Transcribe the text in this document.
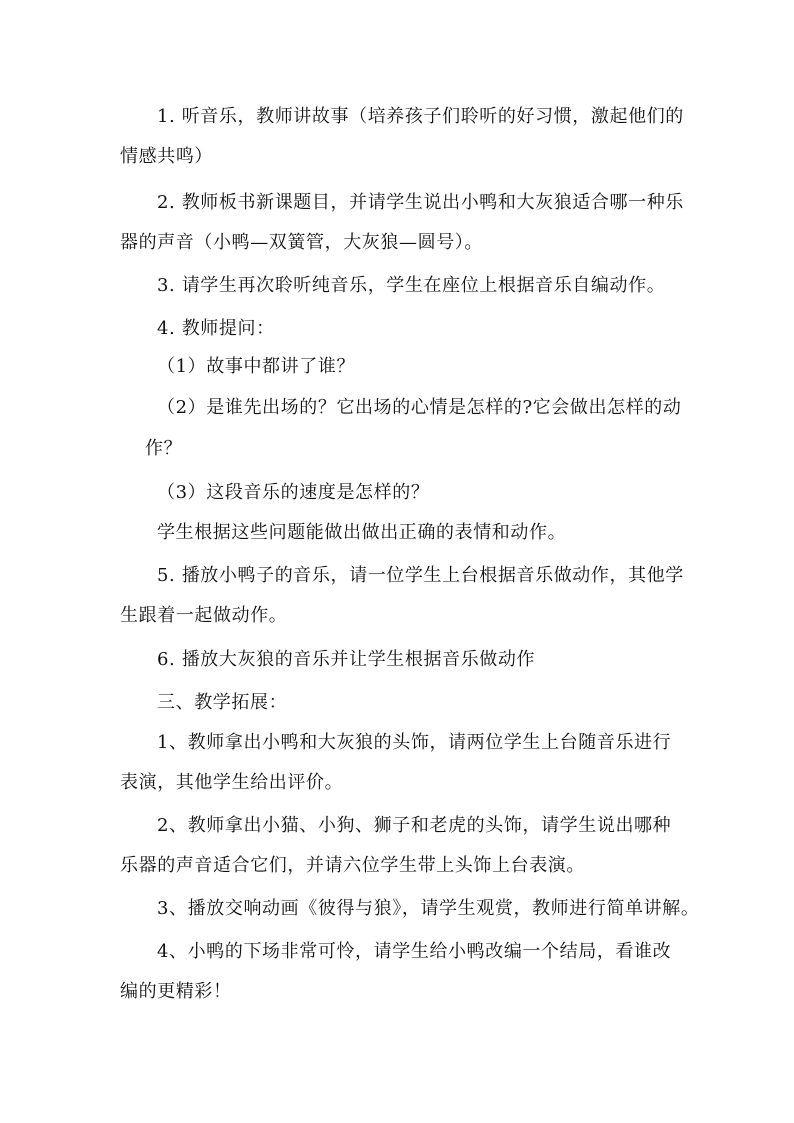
1. 听音乐，教师讲故事（培养孩子们聆听的好习惯，激起他们的
情感共鸣）
2. 教师板书新课题目，并请学生说出小鸭和大灰狼适合哪一种乐
器的声音（小鸭—双簧管，大灰狼—圆号）。
3. 请学生再次聆听纯音乐，学生在座位上根据音乐自编动作。
4. 教师提问：
（1）故事中都讲了谁？
（2）是谁先出场的？它出场的心情是怎样的?它会做出怎样的动
作？
（3）这段音乐的速度是怎样的？
学生根据这些问题能做出做出正确的表情和动作。
5. 播放小鸭子的音乐，请一位学生上台根据音乐做动作，其他学
生跟着一起做动作。
6. 播放大灰狼的音乐并让学生根据音乐做动作
三、教学拓展：
1、教师拿出小鸭和大灰狼的头饰，请两位学生上台随音乐进行
表演，其他学生给出评价。
2、教师拿出小猫、小狗、狮子和老虎的头饰，请学生说出哪种
乐器的声音适合它们，并请六位学生带上头饰上台表演。
3、播放交响动画《彼得与狼》，请学生观赏，教师进行简单讲解。
4、小鸭的下场非常可怜，请学生给小鸭改编一个结局，看谁改
编的更精彩！
